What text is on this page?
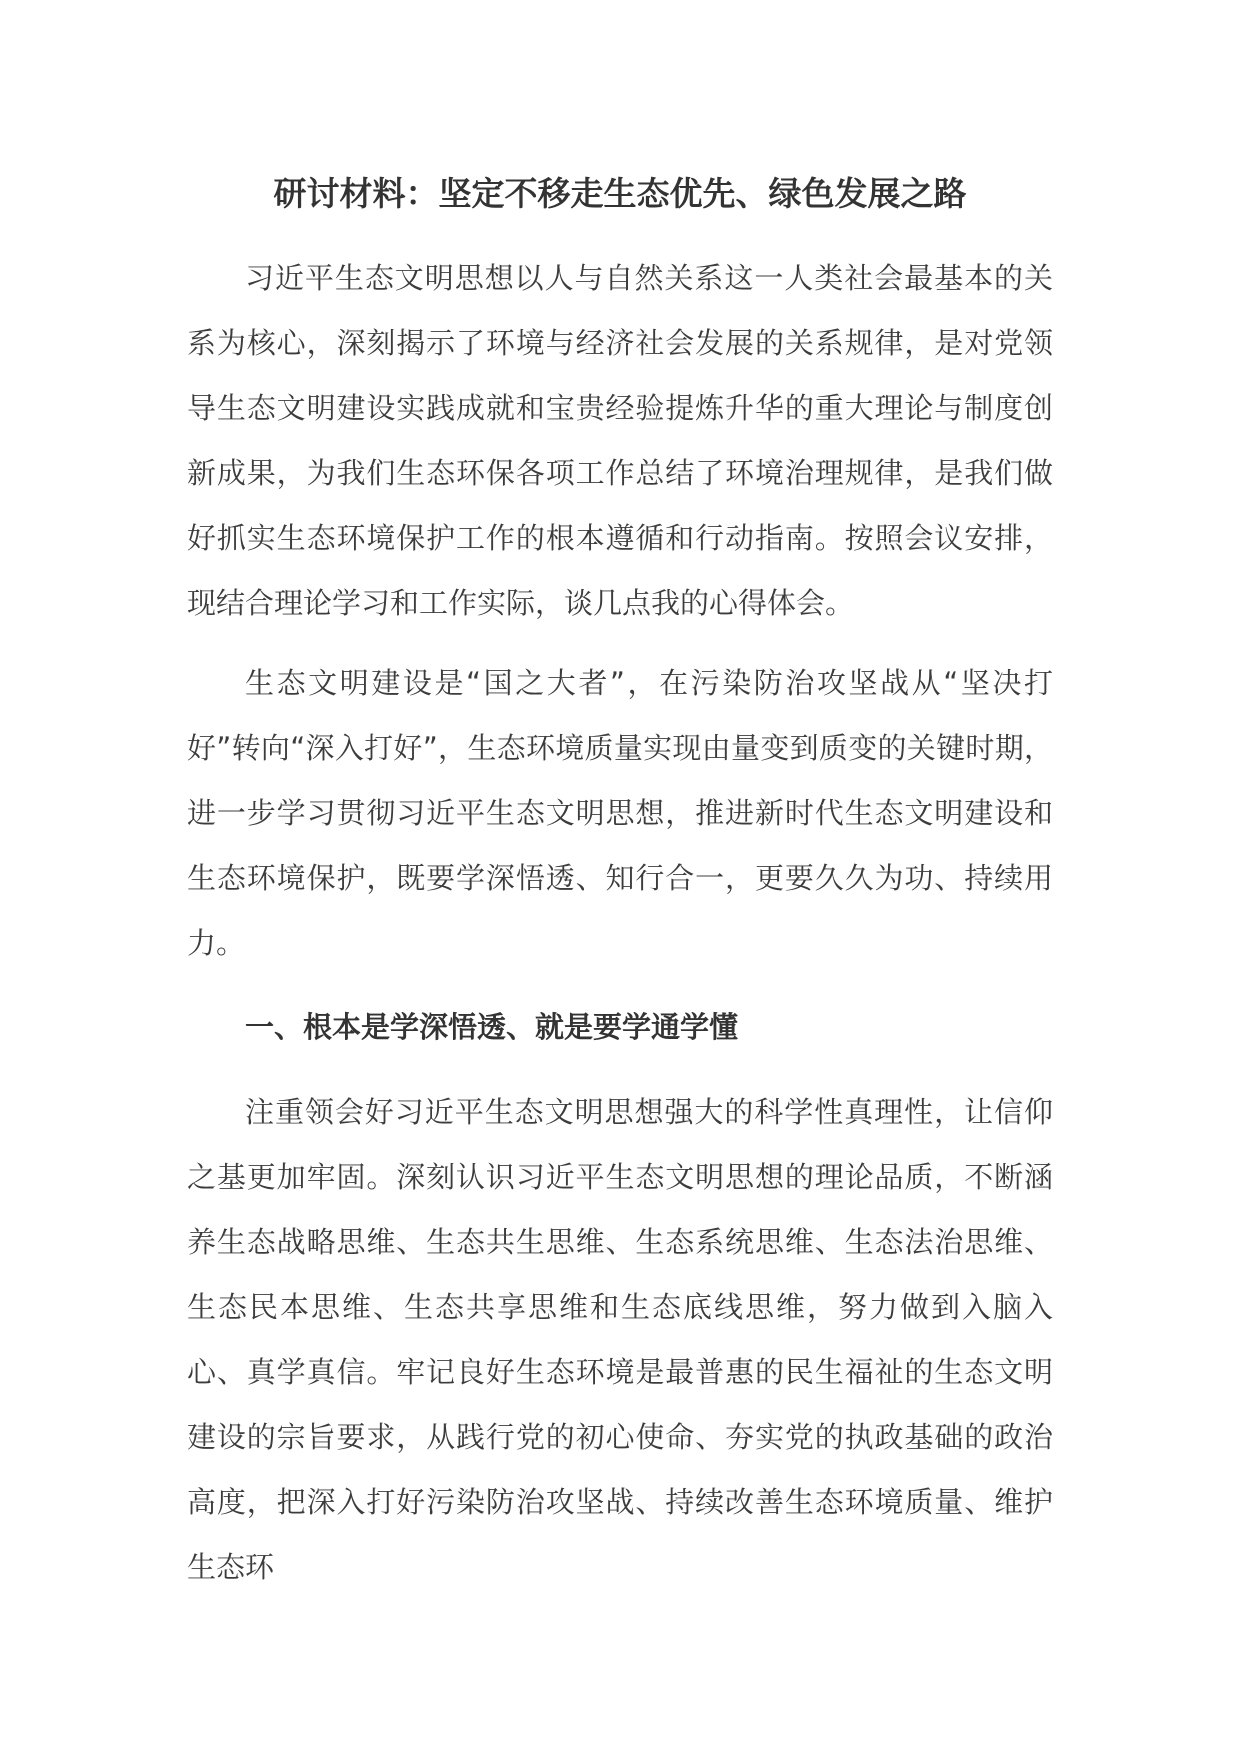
研讨材料：坚定不移走生态优先、绿色发展之路

习近平生态文明思想以人与自然关系这一人类社会最基本的关系为核心，深刻揭示了环境与经济社会发展的关系规律，是对党领导生态文明建设实践成就和宝贵经验提炼升华的重大理论与制度创新成果，为我们生态环保各项工作总结了环境治理规律，是我们做好抓实生态环境保护工作的根本遵循和行动指南。按照会议安排，现结合理论学习和工作实际，谈几点我的心得体会。

生态文明建设是“国之大者”，在污染防治攻坚战从“坚决打好”转向“深入打好”，生态环境质量实现由量变到质变的关键时期，进一步学习贯彻习近平生态文明思想，推进新时代生态文明建设和生态环境保护，既要学深悟透、知行合一，更要久久为功、持续用力。

一、根本是学深悟透、就是要学通学懂

注重领会好习近平生态文明思想强大的科学性真理性，让信仰之基更加牢固。深刻认识习近平生态文明思想的理论品质，不断涵养生态战略思维、生态共生思维、生态系统思维、生态法治思维、生态民本思维、生态共享思维和生态底线思维，努力做到入脑入心、真学真信。牢记良好生态环境是最普惠的民生福祉的生态文明建设的宗旨要求，从践行党的初心使命、夯实党的执政基础的政治高度，把深入打好污染防治攻坚战、持续改善生态环境质量、维护生态环
